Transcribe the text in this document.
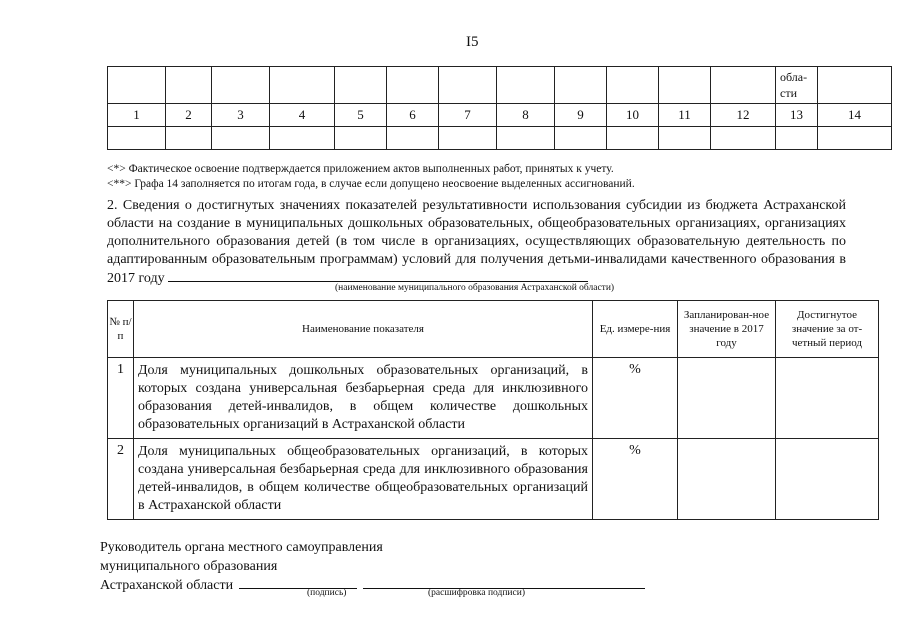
I5

												обла-
сти	

1	2	3	4	5	6	7	8	9	10	11	12	13	14

<*> Фактическое освоение подтверждается приложением актов выполненных работ, принятых к учету.
<**> Графа 14 заполняется по итогам года, в случае если допущено неосвоение выделенных ассигнований.
2. Сведения о достигнутых значениях показателей результативности использования субсидии из бюджета Астраханской области на создание в муниципальных дошкольных образовательных, общеобразовательных организациях, организациях дополнительного образования детей (в том числе в организациях, осуществляющих образовательную деятельность по адаптированным образовательным программам) условий для получения детьми-инвалидами качественного образования в 2017 году
(наименование муниципального образования Астраханской области)
№ п/п	Наименование показателя	Ед. измере-ния	Запланирован-ное значение в 2017 году	Достигнутое значение за от-четный период
1	Доля муниципальных дошкольных образовательных организаций, в которых создана универсальная безбарьерная среда для инклюзивного образования детей-инвалидов, в общем количестве дошкольных образовательных организаций в Астраханской области	%		
2	Доля муниципальных общеобразовательных организаций, в которых создана универсальная безбарьерная среда для инклюзивного образования детей-инвалидов, в общем количестве общеобразовательных организаций в Астраханской области	%		
Руководитель органа местного самоуправления
муниципального образования
Астраханской области	(подпись)	(расшифровка подписи)
